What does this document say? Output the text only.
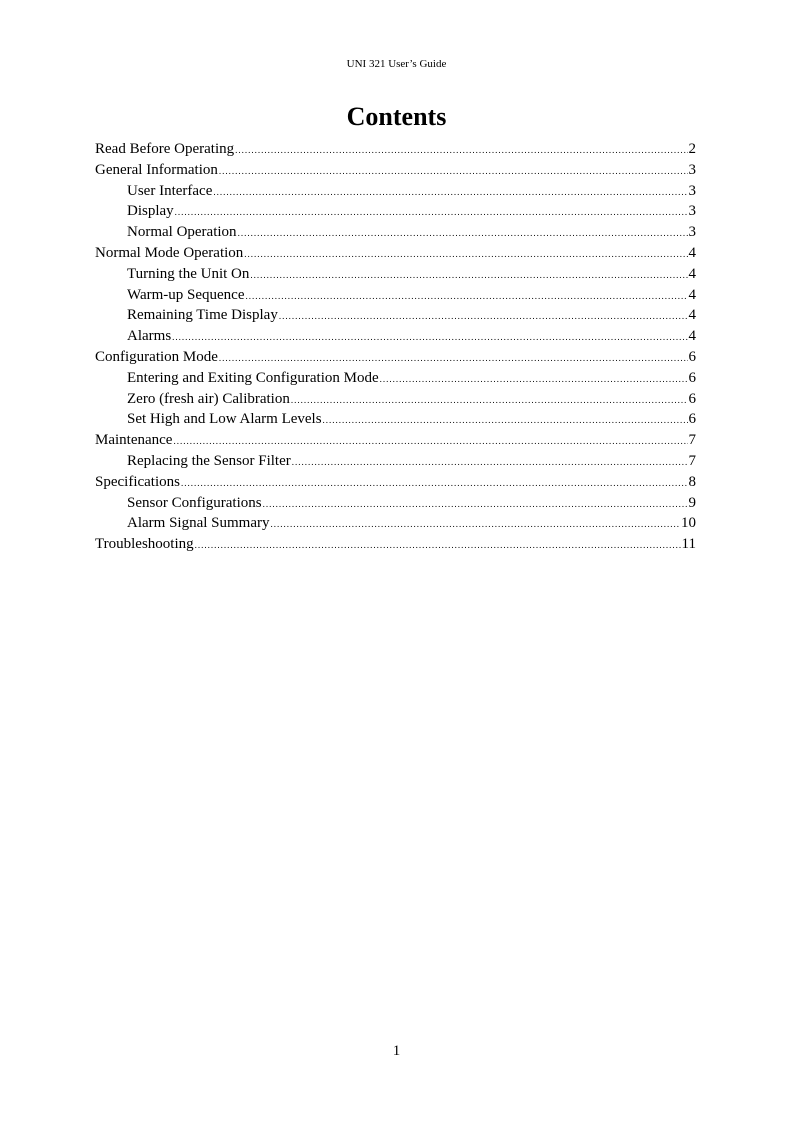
UNI 321 User’s Guide
Contents
Read Before Operating .....	2
General Information .....	3
User Interface .....	3
Display .....	3
Normal Operation .....	3
Normal Mode Operation .....	4
Turning the Unit On .....	4
Warm-up Sequence .....	4
Remaining Time Display .....	4
Alarms .....	4
Configuration Mode .....	6
Entering and Exiting Configuration Mode .....	6
Zero (fresh air) Calibration .....	6
Set High and Low Alarm Levels .....	6
Maintenance .....	7
Replacing the Sensor Filter .....	7
Specifications .....	8
Sensor Configurations .....	9
Alarm Signal Summary .....	10
Troubleshooting .....	11
1
